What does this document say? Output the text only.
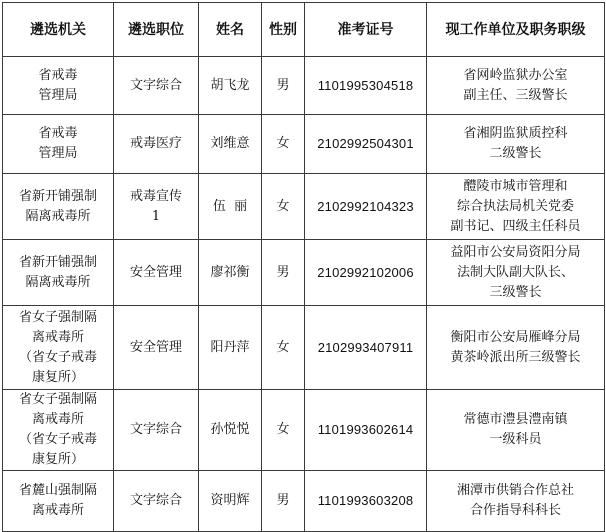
遴选机关	遴选职位	姓名	性别	准考证号	现工作单位及职务职级

省戒毒
管理局	文字综合	胡飞龙	男	1101995304518	省网岭监狱办公室
副主任、三级警长

省戒毒
管理局	戒毒医疗	刘维意	女	2102992504301	省湘阴监狱质控科
二级警长

省新开铺强制
隔离戒毒所	戒毒宣传
1	伍  丽	女	2102992104323	醴陵市城市管理和
综合执法局机关党委
副书记、四级主任科员

省新开铺强制
隔离戒毒所	安全管理	廖祁衡	男	2102992102006	益阳市公安局资阳分局
法制大队副大队长、
三级警长

省女子强制隔
离戒毒所
（省女子戒毒
康复所）	安全管理	阳丹萍	女	2102993407911	衡阳市公安局雁峰分局
黄茶岭派出所三级警长

省女子强制隔
离戒毒所
（省女子戒毒
康复所）	文字综合	孙悦悦	女	1101993602614	常德市澧县澧南镇
一级科员

省麓山强制隔
离戒毒所	文字综合	资明辉	男	1101993603208	湘潭市供销合作总社
合作指导科科长
